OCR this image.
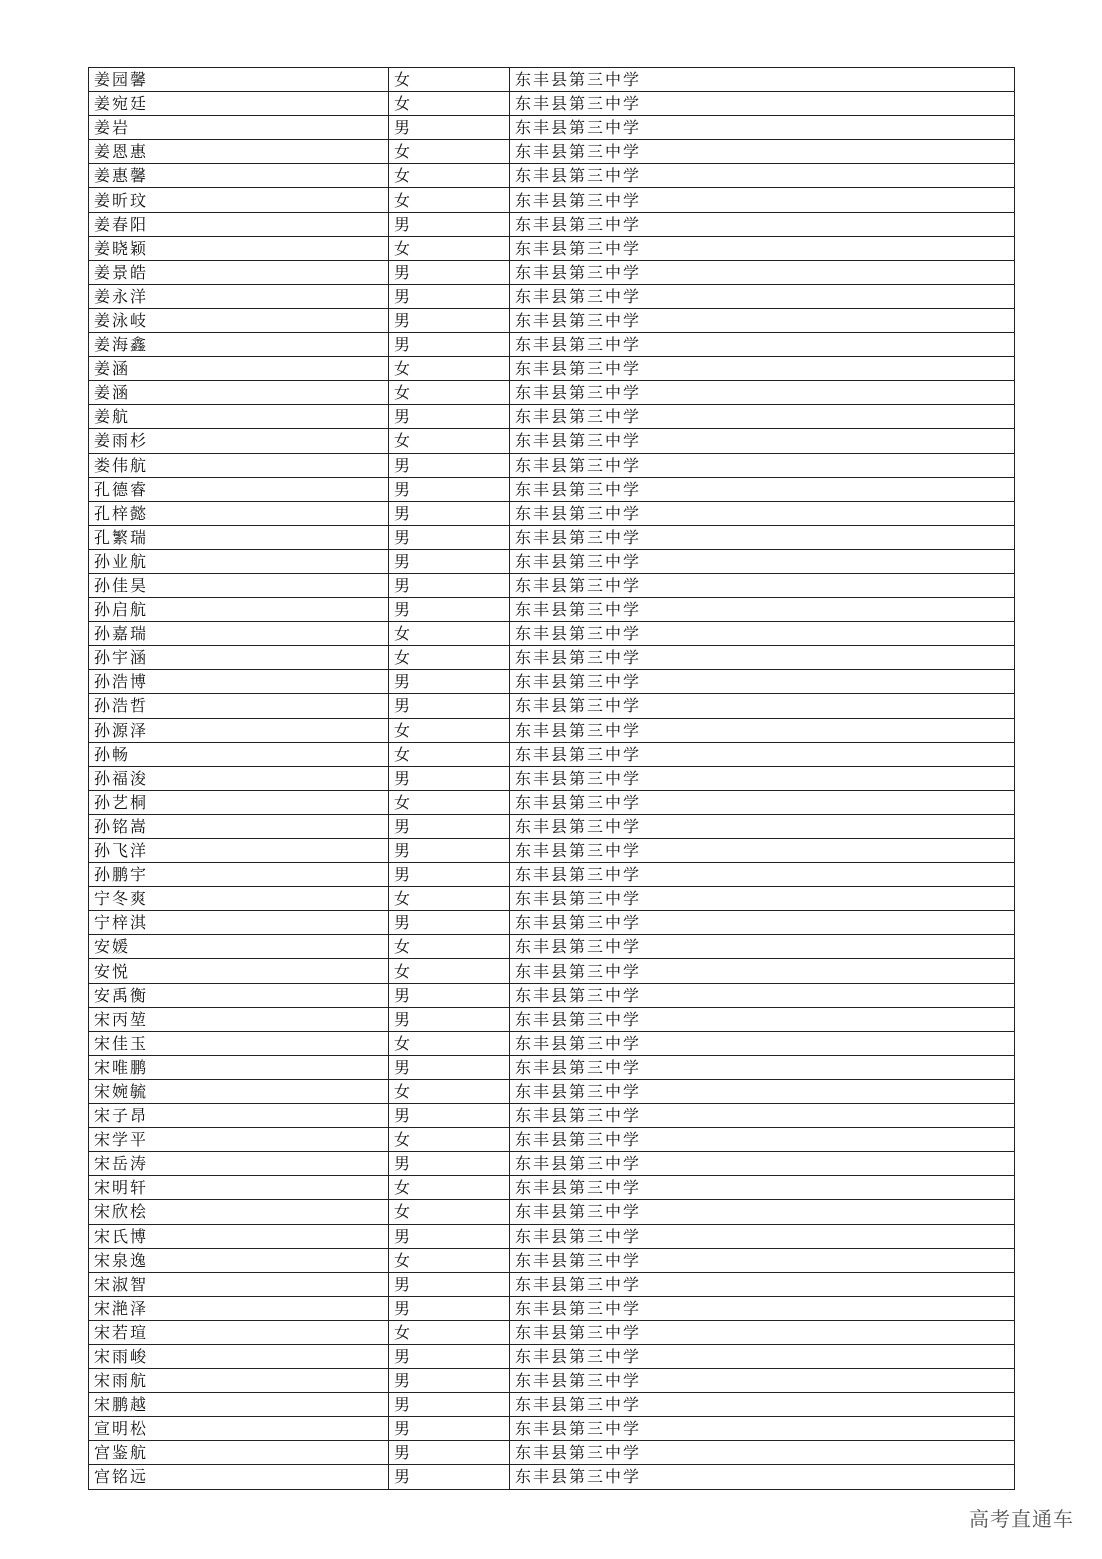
姜园馨	女	东丰县第三中学
姜宛廷	女	东丰县第三中学
姜岩	男	东丰县第三中学
姜恩惠	女	东丰县第三中学
姜惠馨	女	东丰县第三中学
姜昕玟	女	东丰县第三中学
姜春阳	男	东丰县第三中学
姜晓颖	女	东丰县第三中学
姜景皓	男	东丰县第三中学
姜永洋	男	东丰县第三中学
姜泳岐	男	东丰县第三中学
姜海鑫	男	东丰县第三中学
姜涵	女	东丰县第三中学
姜涵	女	东丰县第三中学
姜航	男	东丰县第三中学
姜雨杉	女	东丰县第三中学
娄伟航	男	东丰县第三中学
孔德睿	男	东丰县第三中学
孔梓懿	男	东丰县第三中学
孔繁瑞	男	东丰县第三中学
孙业航	男	东丰县第三中学
孙佳昊	男	东丰县第三中学
孙启航	男	东丰县第三中学
孙嘉瑞	女	东丰县第三中学
孙宇涵	女	东丰县第三中学
孙浩博	男	东丰县第三中学
孙浩哲	男	东丰县第三中学
孙源泽	女	东丰县第三中学
孙畅	女	东丰县第三中学
孙福浚	男	东丰县第三中学
孙艺桐	女	东丰县第三中学
孙铭嵩	男	东丰县第三中学
孙飞洋	男	东丰县第三中学
孙鹏宇	男	东丰县第三中学
宁冬爽	女	东丰县第三中学
宁梓淇	男	东丰县第三中学
安媛	女	东丰县第三中学
安悦	女	东丰县第三中学
安禹衡	男	东丰县第三中学
宋丙堃	男	东丰县第三中学
宋佳玉	女	东丰县第三中学
宋唯鹏	男	东丰县第三中学
宋婉毓	女	东丰县第三中学
宋子昂	男	东丰县第三中学
宋学平	女	东丰县第三中学
宋岳涛	男	东丰县第三中学
宋明轩	女	东丰县第三中学
宋欣桧	女	东丰县第三中学
宋氏博	男	东丰县第三中学
宋泉逸	女	东丰县第三中学
宋淑智	男	东丰县第三中学
宋滟泽	男	东丰县第三中学
宋若瑄	女	东丰县第三中学
宋雨峻	男	东丰县第三中学
宋雨航	男	东丰县第三中学
宋鹏越	男	东丰县第三中学
宣明松	男	东丰县第三中学
宫鉴航	男	东丰县第三中学
宫铭远	男	东丰县第三中学
高考直通车
